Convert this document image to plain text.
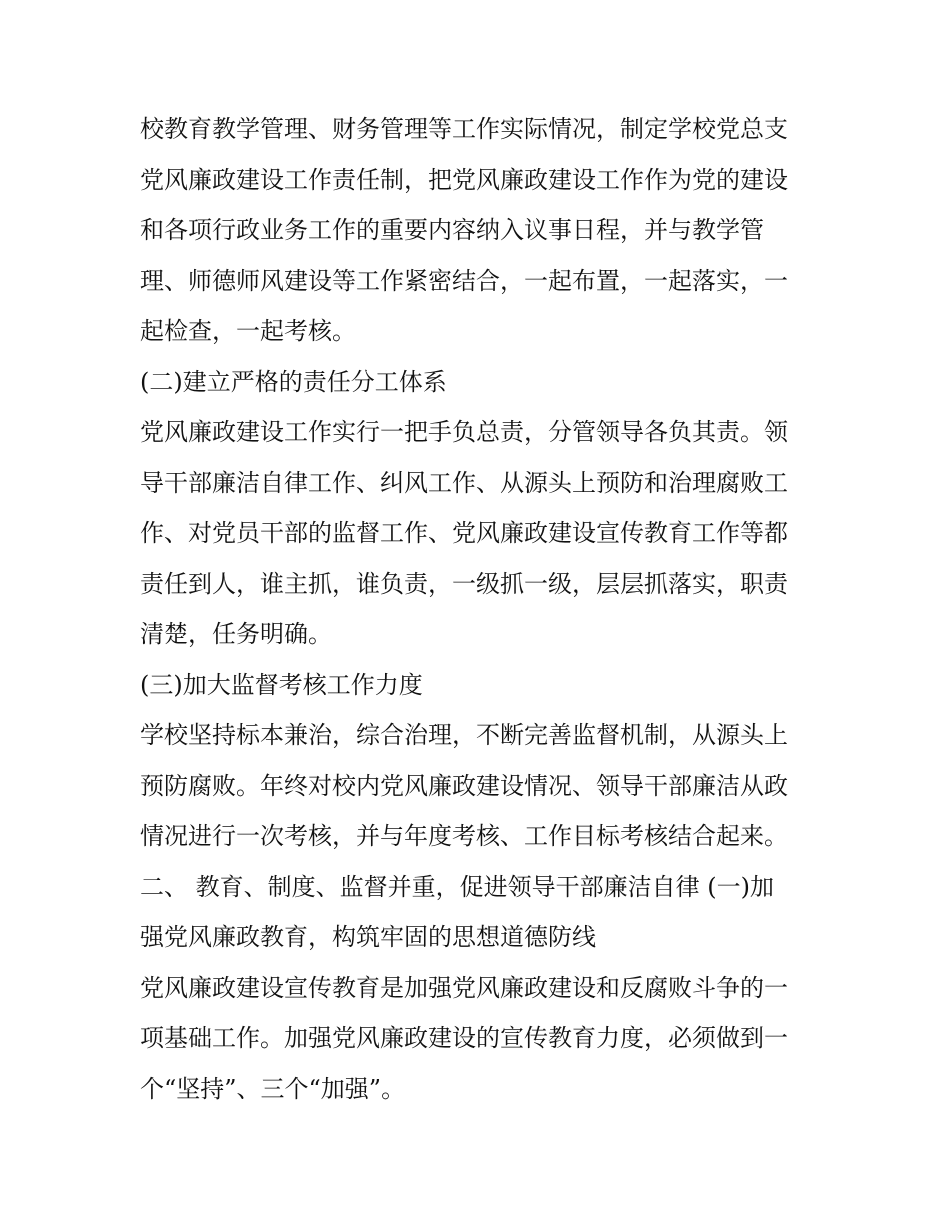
校教育教学管理、财务管理等工作实际情况，制定学校党总支
党风廉政建设工作责任制，把党风廉政建设工作作为党的建设
和各项行政业务工作的重要内容纳入议事日程，并与教学管
理、师德师风建设等工作紧密结合，一起布置，一起落实，一
起检查，一起考核。
(二)建立严格的责任分工体系
党风廉政建设工作实行一把手负总责，分管领导各负其责。领
导干部廉洁自律工作、纠风工作、从源头上预防和治理腐败工
作、对党员干部的监督工作、党风廉政建设宣传教育工作等都
责任到人，谁主抓，谁负责，一级抓一级，层层抓落实，职责
清楚，任务明确。
(三)加大监督考核工作力度
学校坚持标本兼治，综合治理，不断完善监督机制，从源头上
预防腐败。年终对校内党风廉政建设情况、领导干部廉洁从政
情况进行一次考核，并与年度考核、工作目标考核结合起来。
二、 教育、制度、监督并重，促进领导干部廉洁自律 (一)加
强党风廉政教育，构筑牢固的思想道德防线
党风廉政建设宣传教育是加强党风廉政建设和反腐败斗争的一
项基础工作。加强党风廉政建设的宣传教育力度，必须做到一
个“坚持”、三个“加强”。
